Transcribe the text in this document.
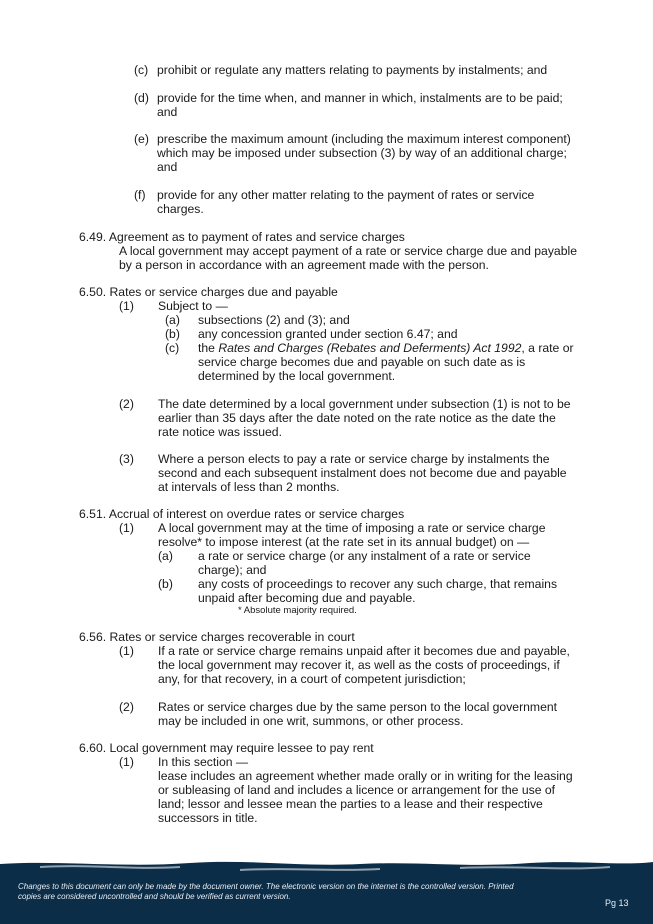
(c) prohibit or regulate any matters relating to payments by instalments; and
(d) provide for the time when, and manner in which, instalments are to be paid;
and
(e) prescribe the maximum amount (including the maximum interest component)
which may be imposed under subsection (3) by way of an additional charge;
and
(f) provide for any other matter relating to the payment of rates or service
charges.
6.49. Agreement as to payment of rates and service charges
A local government may accept payment of a rate or service charge due and payable
by a person in accordance with an agreement made with the person.
6.50. Rates or service charges due and payable
(1) Subject to —
(a) subsections (2) and (3); and
(b) any concession granted under section 6.47; and
(c) the Rates and Charges (Rebates and Deferments) Act 1992, a rate or
service charge becomes due and payable on such date as is
determined by the local government.
(2) The date determined by a local government under subsection (1) is not to be
earlier than 35 days after the date noted on the rate notice as the date the
rate notice was issued.
(3) Where a person elects to pay a rate or service charge by instalments the
second and each subsequent instalment does not become due and payable
at intervals of less than 2 months.
6.51. Accrual of interest on overdue rates or service charges
(1) A local government may at the time of imposing a rate or service charge
resolve* to impose interest (at the rate set in its annual budget) on —
(a) a rate or service charge (or any instalment of a rate or service
charge); and
(b) any costs of proceedings to recover any such charge, that remains
unpaid after becoming due and payable.
* Absolute majority required.
6.56. Rates or service charges recoverable in court
(1) If a rate or service charge remains unpaid after it becomes due and payable,
the local government may recover it, as well as the costs of proceedings, if
any, for that recovery, in a court of competent jurisdiction;
(2) Rates or service charges due by the same person to the local government
may be included in one writ, summons, or other process.
6.60. Local government may require lessee to pay rent
(1) In this section —
lease includes an agreement whether made orally or in writing for the leasing
or subleasing of land and includes a licence or arrangement for the use of
land; lessor and lessee mean the parties to a lease and their respective
successors in title.
Changes to this document can only be made by the document owner. The electronic version on the internet is the controlled version. Printed
copies are considered uncontrolled and should be verified as current version.
Pg 13
